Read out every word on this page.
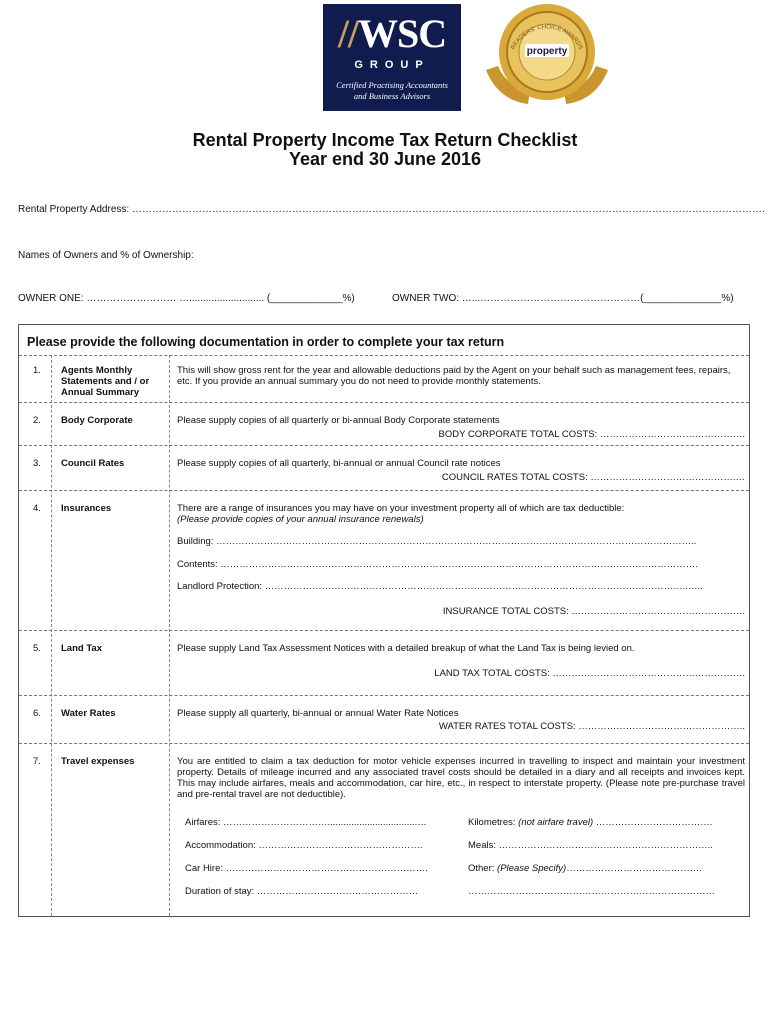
//WSC
GROUP
Certified Practising Accountants
and Business Advisors
READERS' CHOICE AWARDS
property
Rental Property Income Tax Return Checklist
Year end 30 June 2016
Rental Property Address: ……………………………………………………………………………………………………………………………………………………………………….
Names of Owners and % of Ownership:
OWNER ONE: ……………………… …........................... (_____________%)	OWNER TWO: …...…………………………………………(______________%)
Please provide the following documentation in order to complete your tax return
1. Agents Monthly Statements and / or Annual Summary
This will show gross rent for the year and allowable deductions paid by the Agent on your behalf such as management fees, repairs, etc. If you provide an annual summary you do not need to provide monthly statements.
2. Body Corporate	Please supply copies of all quarterly or bi-annual Body Corporate statements
BODY CORPORATE TOTAL COSTS: ……………………………………….
3. Council Rates	Please supply copies of all quarterly, bi-annual or annual Council rate notices
COUNCIL RATES TOTAL COSTS: ……………………………………….…
4. Insurances	There are a range of insurances you may have on your investment property all of which are tax deductible:
(Please provide copies of your annual insurance renewals)
Building: ……………………………………………………………………………………………………………………………………..
Contents: …………………………………………………………………………………………………………………………………….
Landlord Protection: ……………………………………………………………………………………………………………………..…..
INSURANCE TOTAL COSTS: ……………………………………………….
5. Land Tax	Please supply Land Tax Assessment Notices with a detailed breakup of what the Land Tax is being levied on.
LAND TAX TOTAL COSTS: …………………………………………………….
6. Water Rates	Please supply all quarterly, bi-annual or annual Water Rate Notices
WATER RATES TOTAL COSTS: ……………………………………………..
7. Travel expenses	You are entitled to claim a tax deduction for motor vehicle expenses incurred in travelling to inspect and maintain your investment property. Details of mileage incurred and any associated travel costs should be detailed in a diary and all receipts and invoices kept. This may include airfares, meals and accommodation, car hire, etc., in respect to interstate property. (Please note pre-purchase travel and pre-rental travel are not deductible).
Airfares: ……………………………..................................…	Kilometres: (not airfare travel) ……………………………….
Accommodation: …………………………………………….	Meals: …………………………………………………………..
Car Hire: ……………………………………………………….	Other: (Please Specify)…………………………………….
Duration of stay: ……………………………………………	……………………………………………………………………
